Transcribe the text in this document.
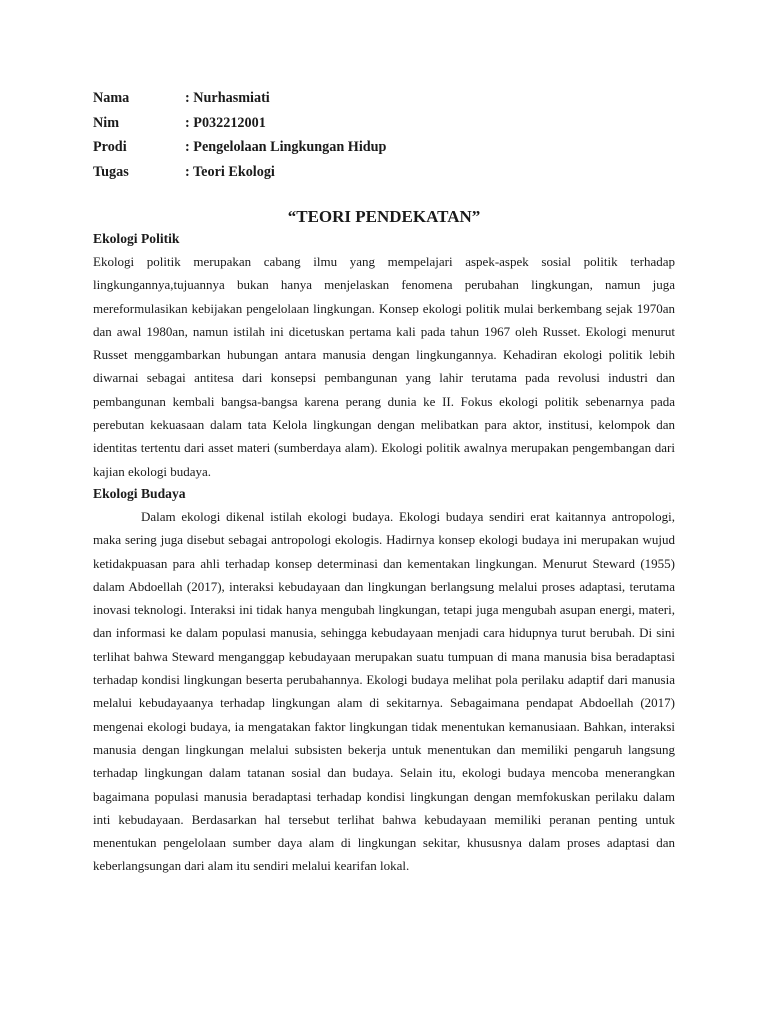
Nama	: Nurhasmiati
Nim	: P032212001
Prodi	: Pengelolaan Lingkungan Hidup
Tugas	: Teori Ekologi
“TEORI PENDEKATAN”
Ekologi Politik

Ekologi politik merupakan cabang ilmu yang mempelajari aspek-aspek sosial politik terhadap lingkungannya,tujuannya bukan hanya menjelaskan fenomena perubahan lingkungan, namun juga mereformulasikan kebijakan pengelolaan lingkungan. Konsep ekologi politik mulai berkembang sejak 1970an dan awal 1980an, namun istilah ini dicetuskan pertama kali pada tahun 1967 oleh Russet. Ekologi menurut Russet menggambarkan hubungan antara manusia dengan lingkungannya. Kehadiran ekologi politik lebih diwarnai sebagai antitesa dari konsepsi pembangunan yang lahir terutama pada revolusi industri dan pembangunan kembali bangsa-bangsa karena perang dunia ke II. Fokus ekologi politik sebenarnya pada perebutan kekuasaan dalam tata Kelola lingkungan dengan melibatkan para aktor, institusi, kelompok dan identitas tertentu dari asset materi (sumberdaya alam). Ekologi politik awalnya merupakan pengembangan dari kajian ekologi budaya.

Ekologi Budaya

Dalam ekologi dikenal istilah ekologi budaya. Ekologi budaya sendiri erat kaitannya antropologi, maka sering juga disebut sebagai antropologi ekologis. Hadirnya konsep ekologi budaya ini merupakan wujud ketidakpuasan para ahli terhadap konsep determinasi dan kementakan lingkungan. Menurut Steward (1955) dalam Abdoellah (2017), interaksi kebudayaan dan lingkungan berlangsung melalui proses adaptasi, terutama inovasi teknologi. Interaksi ini tidak hanya mengubah lingkungan, tetapi juga mengubah asupan energi, materi, dan informasi ke dalam populasi manusia, sehingga kebudayaan menjadi cara hidupnya turut berubah. Di sini terlihat bahwa Steward menganggap kebudayaan merupakan suatu tumpuan di mana manusia bisa beradaptasi terhadap kondisi lingkungan beserta perubahannya. Ekologi budaya melihat pola perilaku adaptif dari manusia melalui kebudayaanya terhadap lingkungan alam di sekitarnya. Sebagaimana pendapat Abdoellah (2017) mengenai ekologi budaya, ia mengatakan faktor lingkungan tidak menentukan kemanusiaan. Bahkan, interaksi manusia dengan lingkungan melalui subsisten bekerja untuk menentukan dan memiliki pengaruh langsung terhadap lingkungan dalam tatanan sosial dan budaya. Selain itu, ekologi budaya mencoba menerangkan bagaimana populasi manusia beradaptasi terhadap kondisi lingkungan dengan memfokuskan perilaku dalam inti kebudayaan. Berdasarkan hal tersebut terlihat bahwa kebudayaan memiliki peranan penting untuk menentukan pengelolaan sumber daya alam di lingkungan sekitar, khususnya dalam proses adaptasi dan keberlangsungan dari alam itu sendiri melalui kearifan lokal.
